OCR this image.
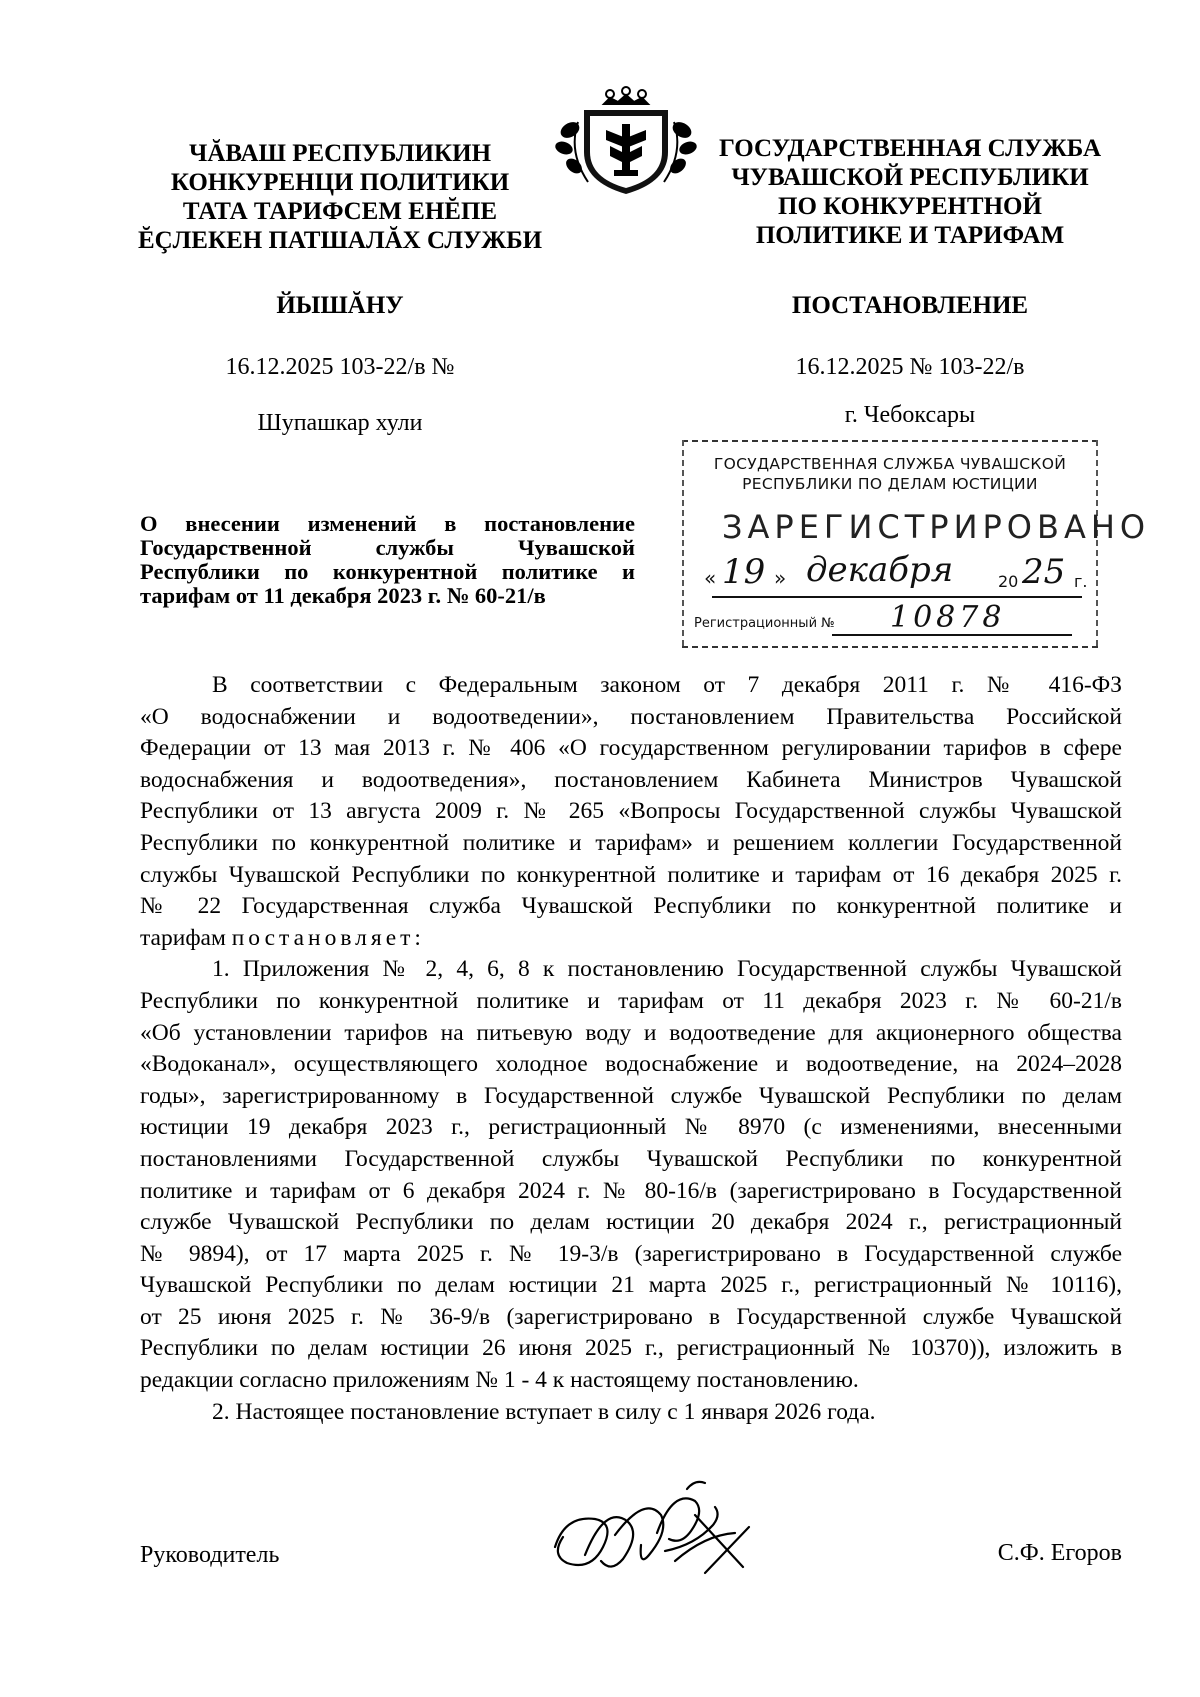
ЧĂВАШ РЕСПУБЛИКИН
КОНКУРЕНЦИ ПОЛИТИКИ
ТАТА ТАРИФСЕМ ЕНĔПЕ
ĔÇЛЕКЕН ПАТШАЛĂХ СЛУЖБИ
ГОСУДАРСТВЕННАЯ СЛУЖБА
ЧУВАШСКОЙ РЕСПУБЛИКИ
ПО КОНКУРЕНТНОЙ
ПОЛИТИКЕ И ТАРИФАМ
ЙЫШĂНУ	ПОСТАНОВЛЕНИЕ
16.12.2025 103-22/в №	16.12.2025 № 103-22/в
Шупашкар хули	г. Чебоксары
ГОСУДАРСТВЕННАЯ СЛУЖБА ЧУВАШСКОЙ
РЕСПУБЛИКИ ПО ДЕЛАМ ЮСТИЦИИ
ЗАРЕГИСТРИРОВАНО
« 19 » декабря	20 25 г.
Регистрационный № 10878
О внесении изменений в постановление
Государственной службы Чувашской
Республики по конкурентной политике и
тарифам от 11 декабря 2023 г. № 60-21/в
В соответствии с Федеральным законом от 7 декабря 2011 г. № 416-ФЗ
«О водоснабжении и водоотведении», постановлением Правительства Российской
Федерации от 13 мая 2013 г. № 406 «О государственном регулировании тарифов в сфере
водоснабжения и водоотведения», постановлением Кабинета Министров Чувашской
Республики от 13 августа 2009 г. № 265 «Вопросы Государственной службы Чувашской
Республики по конкурентной политике и тарифам» и решением коллегии Государственной
службы Чувашской Республики по конкурентной политике и тарифам от 16 декабря 2025 г.
№ 22 Государственная служба Чувашской Республики по конкурентной политике и
тарифам постановляет:
1. Приложения № 2, 4, 6, 8 к постановлению Государственной службы Чувашской
Республики по конкурентной политике и тарифам от 11 декабря 2023 г. № 60-21/в
«Об установлении тарифов на питьевую воду и водоотведение для акционерного общества
«Водоканал», осуществляющего холодное водоснабжение и водоотведение, на 2024–2028
годы», зарегистрированному в Государственной службе Чувашской Республики по делам
юстиции 19 декабря 2023 г., регистрационный № 8970 (с изменениями, внесенными
постановлениями Государственной службы Чувашской Республики по конкурентной
политике и тарифам от 6 декабря 2024 г. № 80-16/в (зарегистрировано в Государственной
службе Чувашской Республики по делам юстиции 20 декабря 2024 г., регистрационный
№ 9894), от 17 марта 2025 г. № 19-3/в (зарегистрировано в Государственной службе
Чувашской Республики по делам юстиции 21 марта 2025 г., регистрационный № 10116),
от 25 июня 2025 г. № 36-9/в (зарегистрировано в Государственной службе Чувашской
Республики по делам юстиции 26 июня 2025 г., регистрационный № 10370)), изложить в
редакции согласно приложениям № 1 - 4 к настоящему постановлению.
2. Настоящее постановление вступает в силу с 1 января 2026 года.
Руководитель	С.Ф. Егоров
